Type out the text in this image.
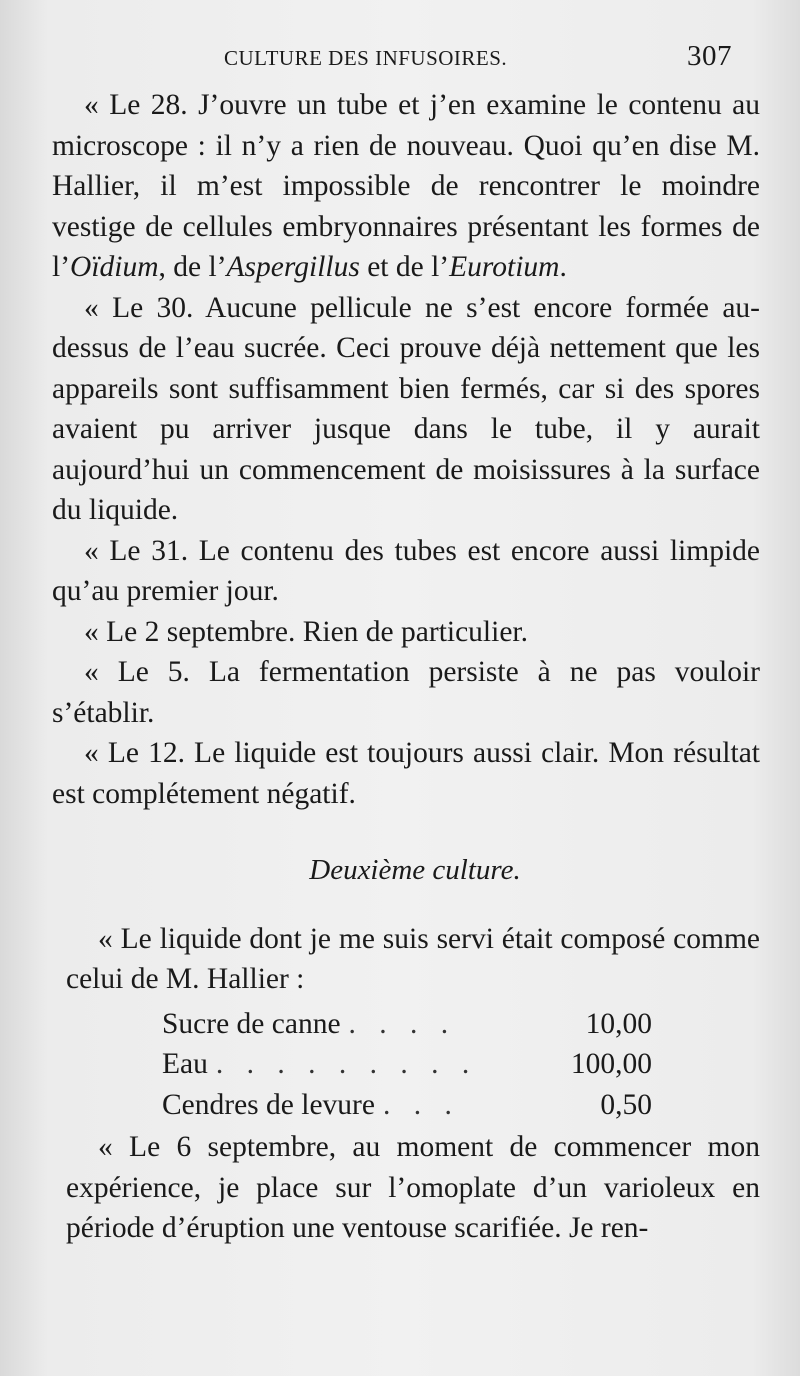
CULTURE DES INFUSOIRES.	307

« Le 28. J’ouvre un tube et j’en examine le contenu au microscope : il n’y a rien de nouveau. Quoi qu’en dise M. Hallier, il m’est impossible de rencontrer le moindre vestige de cellules embryonnaires présentant les formes de l’Oïdium, de l’Aspergillus et de l’Eurotium.

« Le 30. Aucune pellicule ne s’est encore formée au-dessus de l’eau sucrée. Ceci prouve déjà nettement que les appareils sont suffisamment bien fermés, car si des spores avaient pu arriver jusque dans le tube, il y aurait aujourd’hui un commencement de moisissures à la surface du liquide.

« Le 31. Le contenu des tubes est encore aussi limpide qu’au premier jour.

« Le 2 septembre. Rien de particulier.

« Le 5. La fermentation persiste à ne pas vouloir s’établir.

« Le 12. Le liquide est toujours aussi clair. Mon résultat est complétement négatif.

Deuxième culture.

« Le liquide dont je me suis servi était composé comme celui de M. Hallier :

Sucre de canne . . . .	10,00
Eau . . . . . . . . .	100,00
Cendres de levure . . .	0,50

« Le 6 septembre, au moment de commencer mon expérience, je place sur l’omoplate d’un varioleux en période d’éruption une ventouse scarifiée. Je ren-
